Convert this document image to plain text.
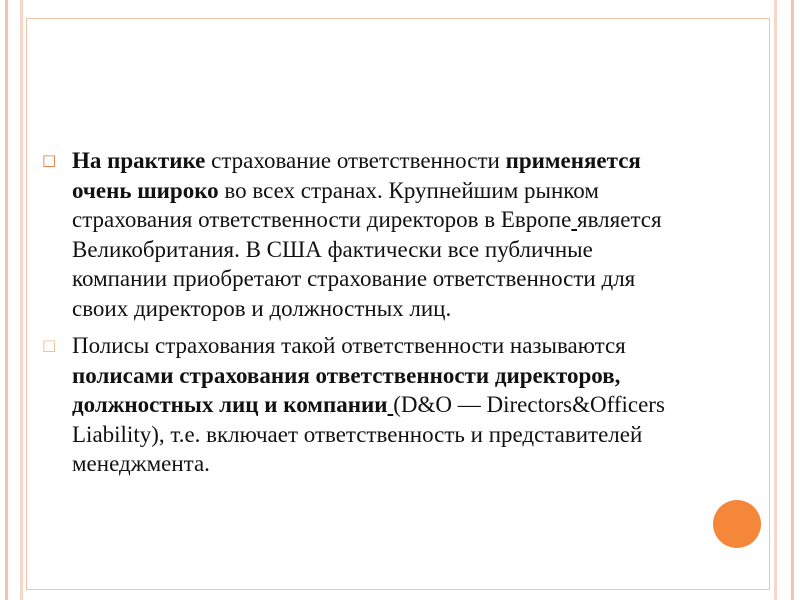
□ На практике страхование ответственности применяется очень широко во всех странах. Крупнейшим рынком страхования ответственности директоров в Европе является Великобритания. В США фактически все публичные компании приобретают страхование ответственности для своих директоров и должностных лиц.
□ Полисы страхования такой ответственности называются полисами страхования ответственности директоров, должностных лиц и компании (D&O — Directors&Officers Liability), т.е. включает ответственность и представителей менеджмента.
